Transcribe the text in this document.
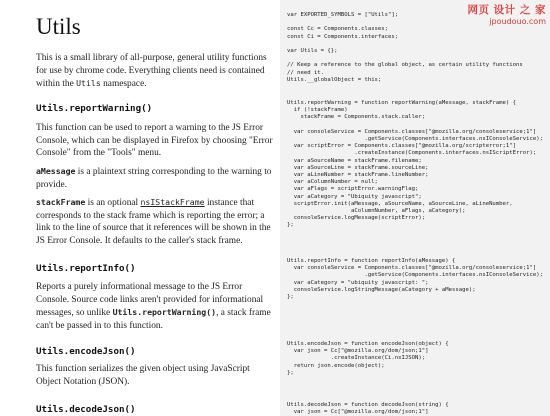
Utils

This is a small library of all-purpose, general utility functions for use by chrome code. Everything clients need is contained within the Utils namespace.

Utils.reportWarning()

This function can be used to report a warning to the JS Error Console, which can be displayed in Firefox by choosing "Error Console" from the "Tools" menu.

aMessage is a plaintext string corresponding to the warning to provide.

stackFrame is an optional nsIStackFrame instance that corresponds to the stack frame which is reporting the error; a link to the line of source that it references will be shown in the JS Error Console. It defaults to the caller's stack frame.

Utils.reportInfo()

Reports a purely informational message to the JS Error Console. Source code links aren't provided for informational messages, so unlike Utils.reportWarning(), a stack frame can't be passed in to this function.

Utils.encodeJson()

This function serializes the given object using JavaScript Object Notation (JSON).

Utils.decodeJson()

var EXPORTED_SYMBOLS = ["Utils"];

const Cc = Components.classes;
const Ci = Components.interfaces;

var Utils = {};

// Keep a reference to the global object, as certain utility functions
// need it.
Utils.__globalObject = this;
Utils.reportWarning = function reportWarning(aMessage, stackFrame) {
if (!stackFrame)
stackFrame = Components.stack.caller;

var consoleService = Components.classes["@mozilla.org/consoleservice;1"]
.getService(Components.interfaces.nsIConsoleService);
var scriptError = Components.classes["@mozilla.org/scripterror;1"]
.createInstance(Components.interfaces.nsIScriptError);
var aSourceName = stackFrame.filename;
var aSourceLine = stackFrame.sourceLine;
var aLineNumber = stackFrame.lineNumber;
var aColumnNumber = null;
var aFlags = scriptError.warningFlag;
var aCategory = "Ubiquity javascript";
scriptError.init(aMessage, aSourceName, aSourceLine, aLineNumber,
aColumnNumber, aFlags, aCategory);
consoleService.logMessage(scriptError);
};
Utils.reportInfo = function reportInfo(aMessage) {
var consoleService = Components.classes["@mozilla.org/consoleservice;1"]
.getService(Components.interfaces.nsIConsoleService);
var aCategory = "ubiquity javascript: ";
consoleService.logStringMessage(aCategory + aMessage);
};
Utils.encodeJson = function encodeJson(object) {
var json = Cc["@mozilla.org/dom/json;1"]
.createInstance(Ci.nsIJSON);
return json.encode(object);
};
Utils.decodeJson = function decodeJson(string) {
var json = Cc["@mozilla.org/dom/json;1"]
网页 设计 之 家
jpoudouo.com
